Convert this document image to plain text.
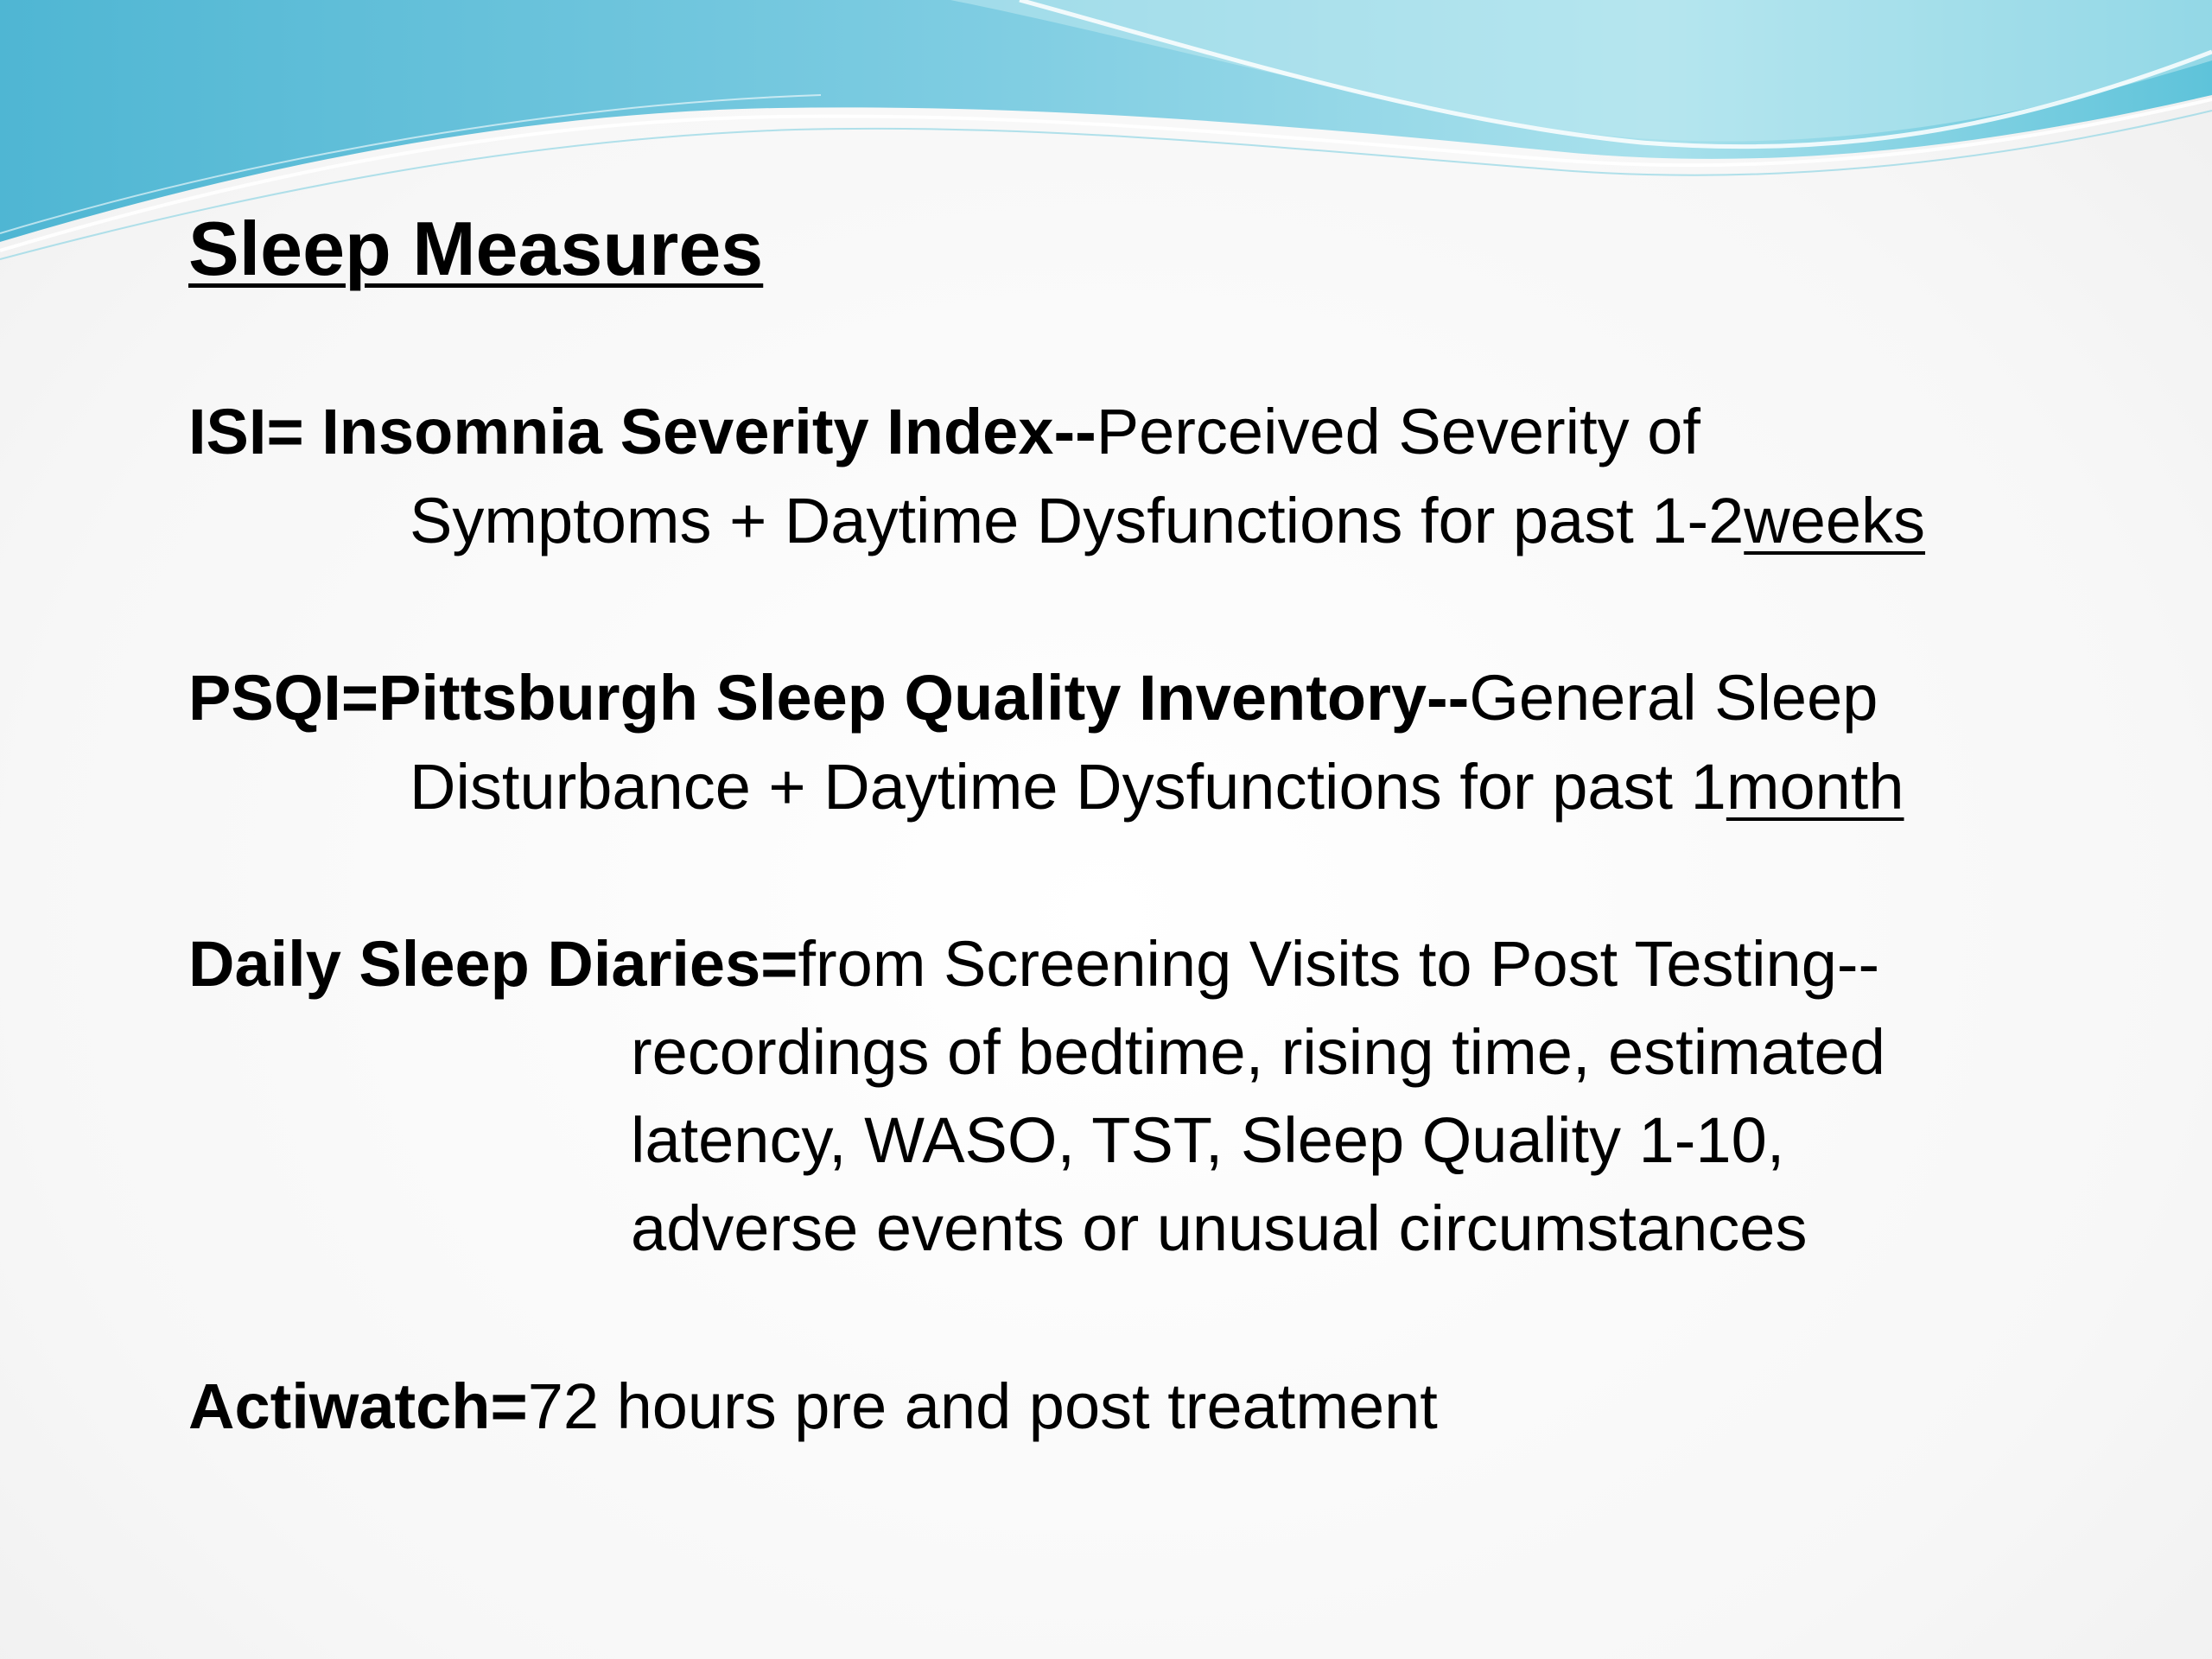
Sleep Measures

ISI= Insomnia Severity Index--Perceived Severity of

Symptoms + Daytime Dysfunctions for past 1-2weeks

PSQI=Pittsburgh Sleep Quality Inventory--General Sleep

Disturbance + Daytime Dysfunctions for past 1month

Daily Sleep Diaries=from Screening Visits to Post Testing--

recordings of bedtime, rising time, estimated

latency, WASO, TST, Sleep Quality 1-10,

adverse events or unusual circumstances

Actiwatch=72 hours pre and post treatment
